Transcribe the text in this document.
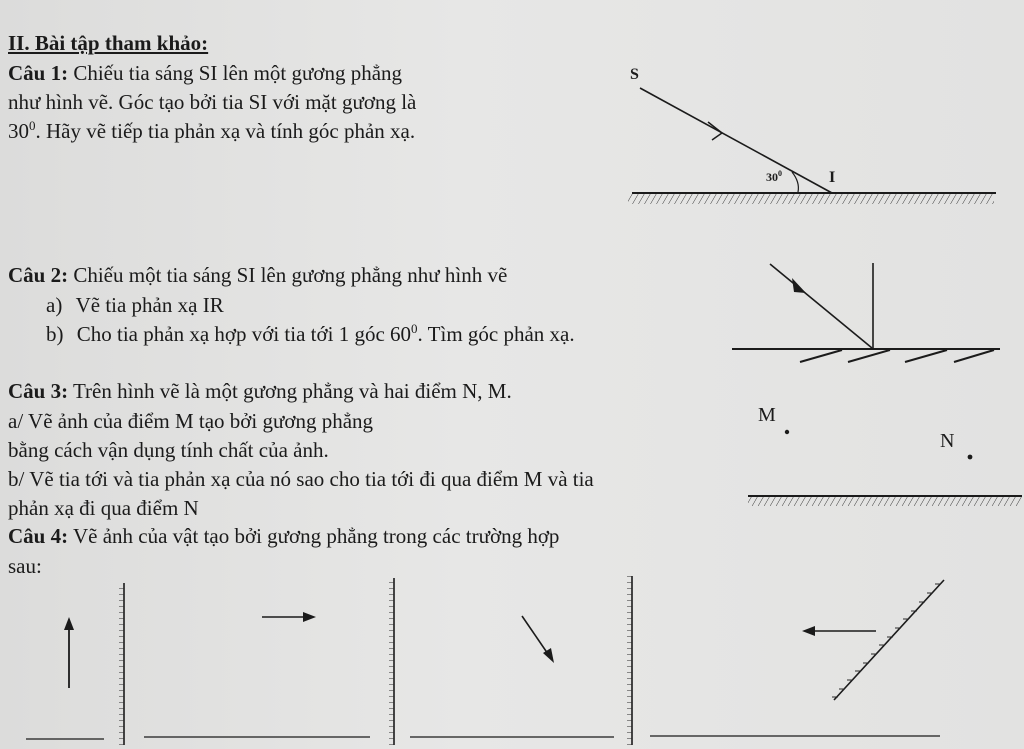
II. Bài tập tham khảo:
Câu 1: Chiếu tia sáng SI lên một gương phẳng
như hình vẽ. Góc tạo bởi tia SI với mặt gương là
$30^0$. Hãy vẽ tiếp tia phản xạ và tính góc phản xạ.
Câu 2: Chiếu một tia sáng SI lên gương phẳng như hình vẽ
a) Vẽ tia phản xạ IR
b) Cho tia phản xạ hợp với tia tới 1 góc $60^0$. Tìm góc phản xạ.
Câu 3: Trên hình vẽ là một gương phẳng và hai điểm N, M.
a/ Vẽ ảnh của điểm M tạo bởi gương phẳng
bằng cách vận dụng tính chất của ảnh.
b/ Vẽ tia tới và tia phản xạ của nó sao cho tia tới đi qua điểm M và tia
phản xạ đi qua điểm N
Câu 4: Vẽ ảnh của vật tạo bởi gương phẳng trong các trường hợp
sau:
S
I
$30^0$
M
N
